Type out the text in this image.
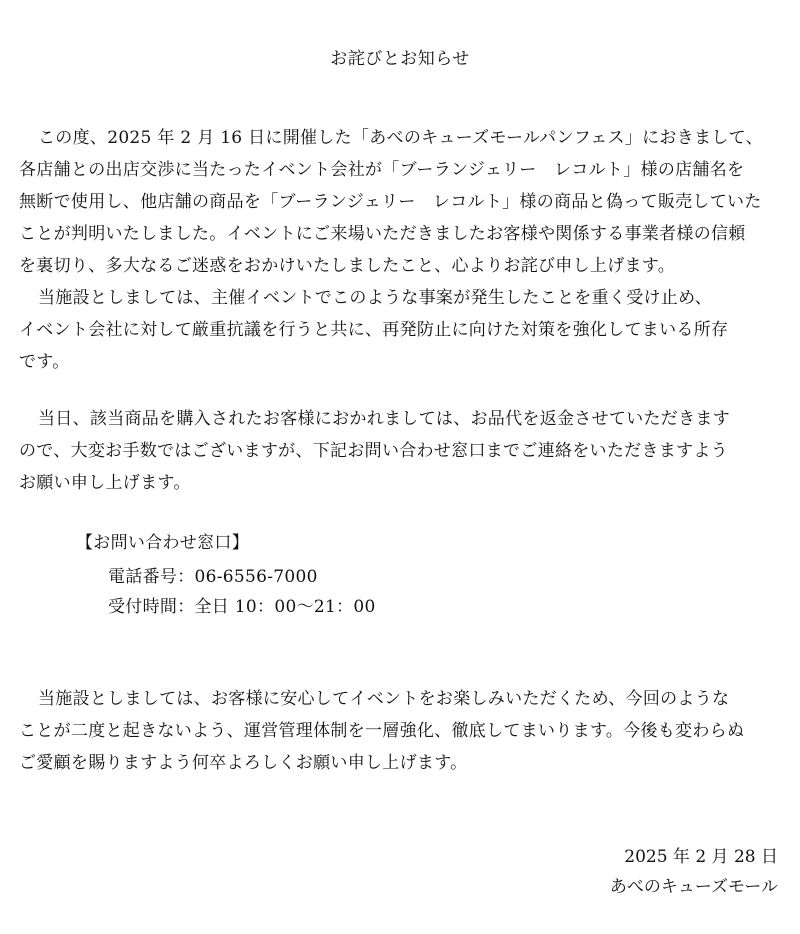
お詫びとお知らせ
この度、2025 年 2 月 16 日に開催した「あべのキューズモールパンフェス」におきまして、
各店舗との出店交渉に当たったイベント会社が「ブーランジェリー　レコルト」様の店舗名を
無断で使用し、他店舗の商品を「ブーランジェリー　レコルト」様の商品と偽って販売していた
ことが判明いたしました。イベントにご来場いただきましたお客様や関係する事業者様の信頼
を裏切り、多大なるご迷惑をおかけいたしましたこと、心よりお詫び申し上げます。
当施設としましては、主催イベントでこのような事案が発生したことを重く受け止め、
イベント会社に対して厳重抗議を行うと共に、再発防止に向けた対策を強化してまいる所存
です。
当日、該当商品を購入されたお客様におかれましては、お品代を返金させていただきます
ので、大変お手数ではございますが、下記お問い合わせ窓口までご連絡をいただきますよう
お願い申し上げます。
【お問い合わせ窓口】
電話番号：06-6556-7000
受付時間：全日 10：00～21：00
当施設としましては、お客様に安心してイベントをお楽しみいただくため、今回のような
ことが二度と起きないよう、運営管理体制を一層強化、徹底してまいります。今後も変わらぬ
ご愛顧を賜りますよう何卒よろしくお願い申し上げます。
2025 年 2 月 28 日
あべのキューズモール
